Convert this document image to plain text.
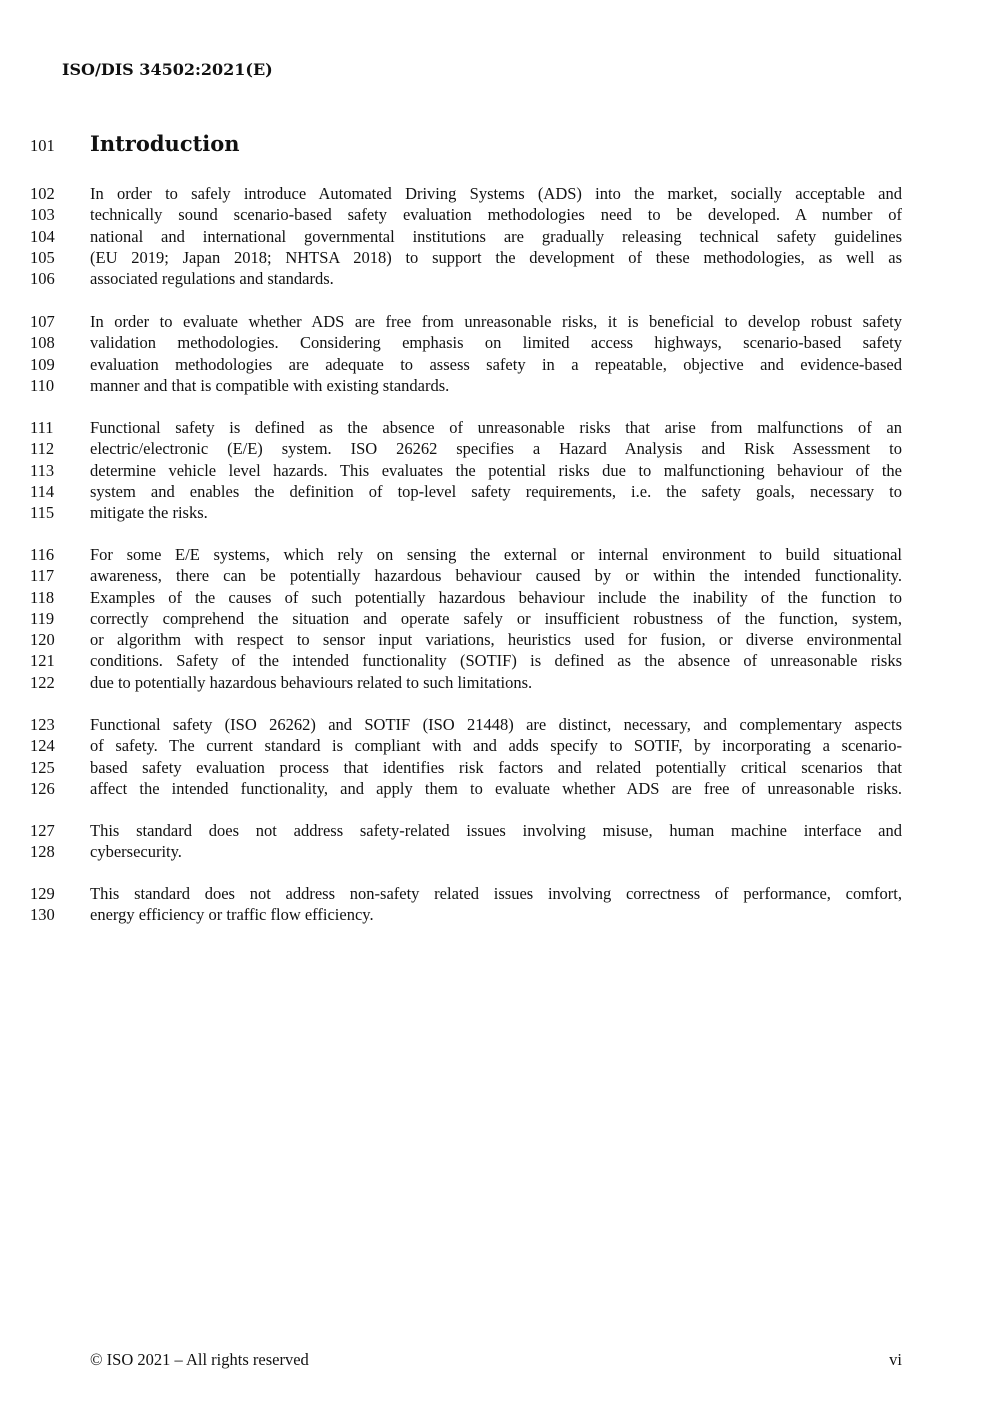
ISO/DIS 34502:2021(E)
101 Introduction
102 In order to safely introduce Automated Driving Systems (ADS) into the market, socially acceptable and
103 technically sound scenario-based safety evaluation methodologies need to be developed. A number of
104 national and international governmental institutions are gradually releasing technical safety guidelines
105 (EU 2019; Japan 2018; NHTSA 2018) to support the development of these methodologies, as well as
106 associated regulations and standards.
107 In order to evaluate whether ADS are free from unreasonable risks, it is beneficial to develop robust safety
108 validation methodologies. Considering emphasis on limited access highways, scenario-based safety
109 evaluation methodologies are adequate to assess safety in a repeatable, objective and evidence-based
110 manner and that is compatible with existing standards.
111 Functional safety is defined as the absence of unreasonable risks that arise from malfunctions of an
112 electric/electronic (E/E) system. ISO 26262 specifies a Hazard Analysis and Risk Assessment to
113 determine vehicle level hazards. This evaluates the potential risks due to malfunctioning behaviour of the
114 system and enables the definition of top-level safety requirements, i.e. the safety goals, necessary to
115 mitigate the risks.
116 For some E/E systems, which rely on sensing the external or internal environment to build situational
117 awareness, there can be potentially hazardous behaviour caused by or within the intended functionality.
118 Examples of the causes of such potentially hazardous behaviour include the inability of the function to
119 correctly comprehend the situation and operate safely or insufficient robustness of the function, system,
120 or algorithm with respect to sensor input variations, heuristics used for fusion, or diverse environmental
121 conditions. Safety of the intended functionality (SOTIF) is defined as the absence of unreasonable risks
122 due to potentially hazardous behaviours related to such limitations.
123 Functional safety (ISO 26262) and SOTIF (ISO 21448) are distinct, necessary, and complementary aspects
124 of safety. The current standard is compliant with and adds specify to SOTIF, by incorporating a scenario-
125 based safety evaluation process that identifies risk factors and related potentially critical scenarios that
126 affect the intended functionality, and apply them to evaluate whether ADS are free of unreasonable risks.
127 This standard does not address safety-related issues involving misuse, human machine interface and
128 cybersecurity.
129 This standard does not address non-safety related issues involving correctness of performance, comfort,
130 energy efficiency or traffic flow efficiency.
© ISO 2021 – All rights reserved	vi
